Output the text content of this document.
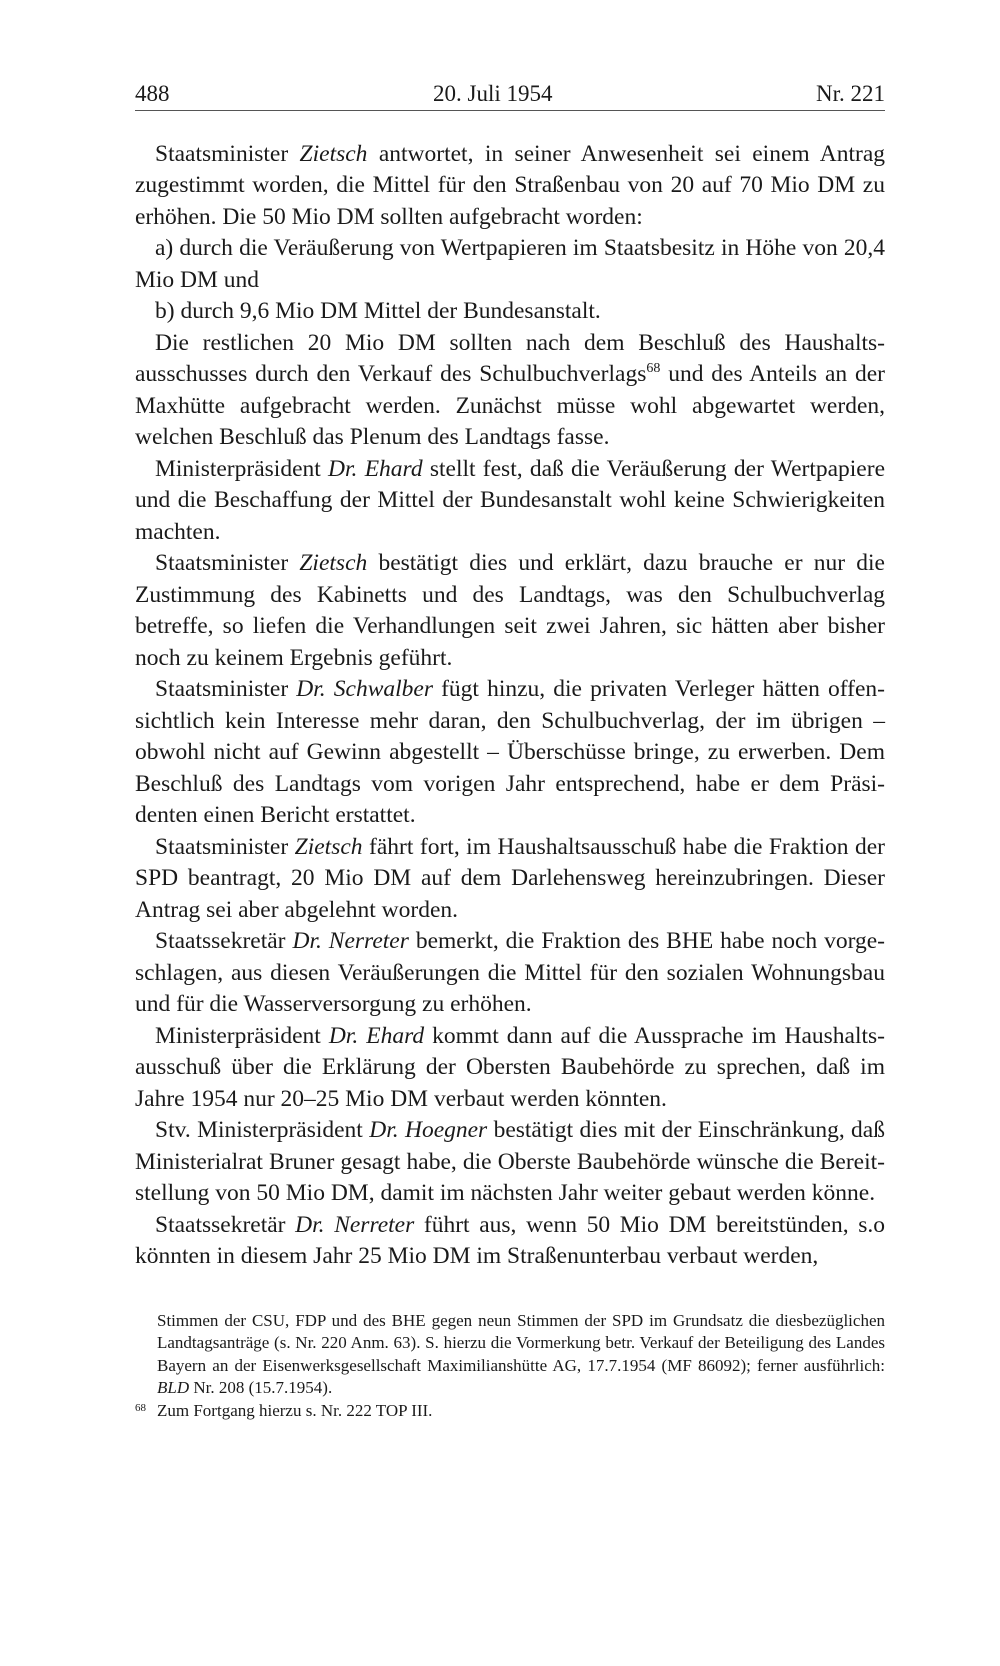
488	20. Juli 1954	Nr. 221

Staatsminister Zietsch antwortet, in seiner Anwesenheit sei einem Antrag zugestimmt worden, die Mittel für den Straßenbau von 20 auf 70 Mio DM zu erhöhen. Die 50 Mio DM sollten aufgebracht worden:

a) durch die Veräußerung von Wertpapieren im Staatsbesitz in Höhe von 20,4 Mio DM und

b) durch 9,6 Mio DM Mittel der Bundesanstalt.

Die restlichen 20 Mio DM sollten nach dem Beschluß des Haushalts-ausschusses durch den Verkauf des Schulbuchverlags$^{68}$ und des Anteils an der Maxhütte aufgebracht werden. Zunächst müsse wohl abgewartet werden, welchen Beschluß das Plenum des Landtags fasse.

Ministerpräsident Dr. Ehard stellt fest, daß die Veräußerung der Wertpapiere und die Beschaffung der Mittel der Bundesanstalt wohl keine Schwierigkeiten machten.

Staatsminister Zietsch bestätigt dies und erklärt, dazu brauche er nur die Zustimmung des Kabinetts und des Landtags, was den Schulbuchverlag betreffe, so liefen die Verhandlungen seit zwei Jahren, sic hätten aber bisher noch zu keinem Ergebnis geführt.

Staatsminister Dr. Schwalber fügt hinzu, die privaten Verleger hätten offen-sichtlich kein Interesse mehr daran, den Schulbuchverlag, der im übrigen – obwohl nicht auf Gewinn abgestellt – Überschüsse bringe, zu erwerben. Dem Beschluß des Landtags vom vorigen Jahr entsprechend, habe er dem Präsi-denten einen Bericht erstattet.

Staatsminister Zietsch fährt fort, im Haushaltsausschuß habe die Fraktion der SPD beantragt, 20 Mio DM auf dem Darlehensweg hereinzubringen. Dieser Antrag sei aber abgelehnt worden.

Staatssekretär Dr. Nerreter bemerkt, die Fraktion des BHE habe noch vorge-schlagen, aus diesen Veräußerungen die Mittel für den sozialen Wohnungsbau und für die Wasserversorgung zu erhöhen.

Ministerpräsident Dr. Ehard kommt dann auf die Aussprache im Haushalts-ausschuß über die Erklärung der Obersten Baubehörde zu sprechen, daß im Jahre 1954 nur 20–25 Mio DM verbaut werden könnten.

Stv. Ministerpräsident Dr. Hoegner bestätigt dies mit der Einschränkung, daß Ministerialrat Bruner gesagt habe, die Oberste Baubehörde wünsche die Bereit-stellung von 50 Mio DM, damit im nächsten Jahr weiter gebaut werden könne.

Staatssekretär Dr. Nerreter führt aus, wenn 50 Mio DM bereitstünden, s.o könnten in diesem Jahr 25 Mio DM im Straßenunterbau verbaut werden,

Stimmen der CSU, FDP und des BHE gegen neun Stimmen der SPD im Grundsatz die diesbezüglichen Landtagsanträge (s. Nr. 220 Anm. 63). S. hierzu die Vormerkung betr. Verkauf der Beteiligung des Landes Bayern an der Eisenwerksgesellschaft Maximilianshütte AG, 17.7.1954 (MF 86092); ferner ausführlich: BLD Nr. 208 (15.7.1954).

68 Zum Fortgang hierzu s. Nr. 222 TOP III.
